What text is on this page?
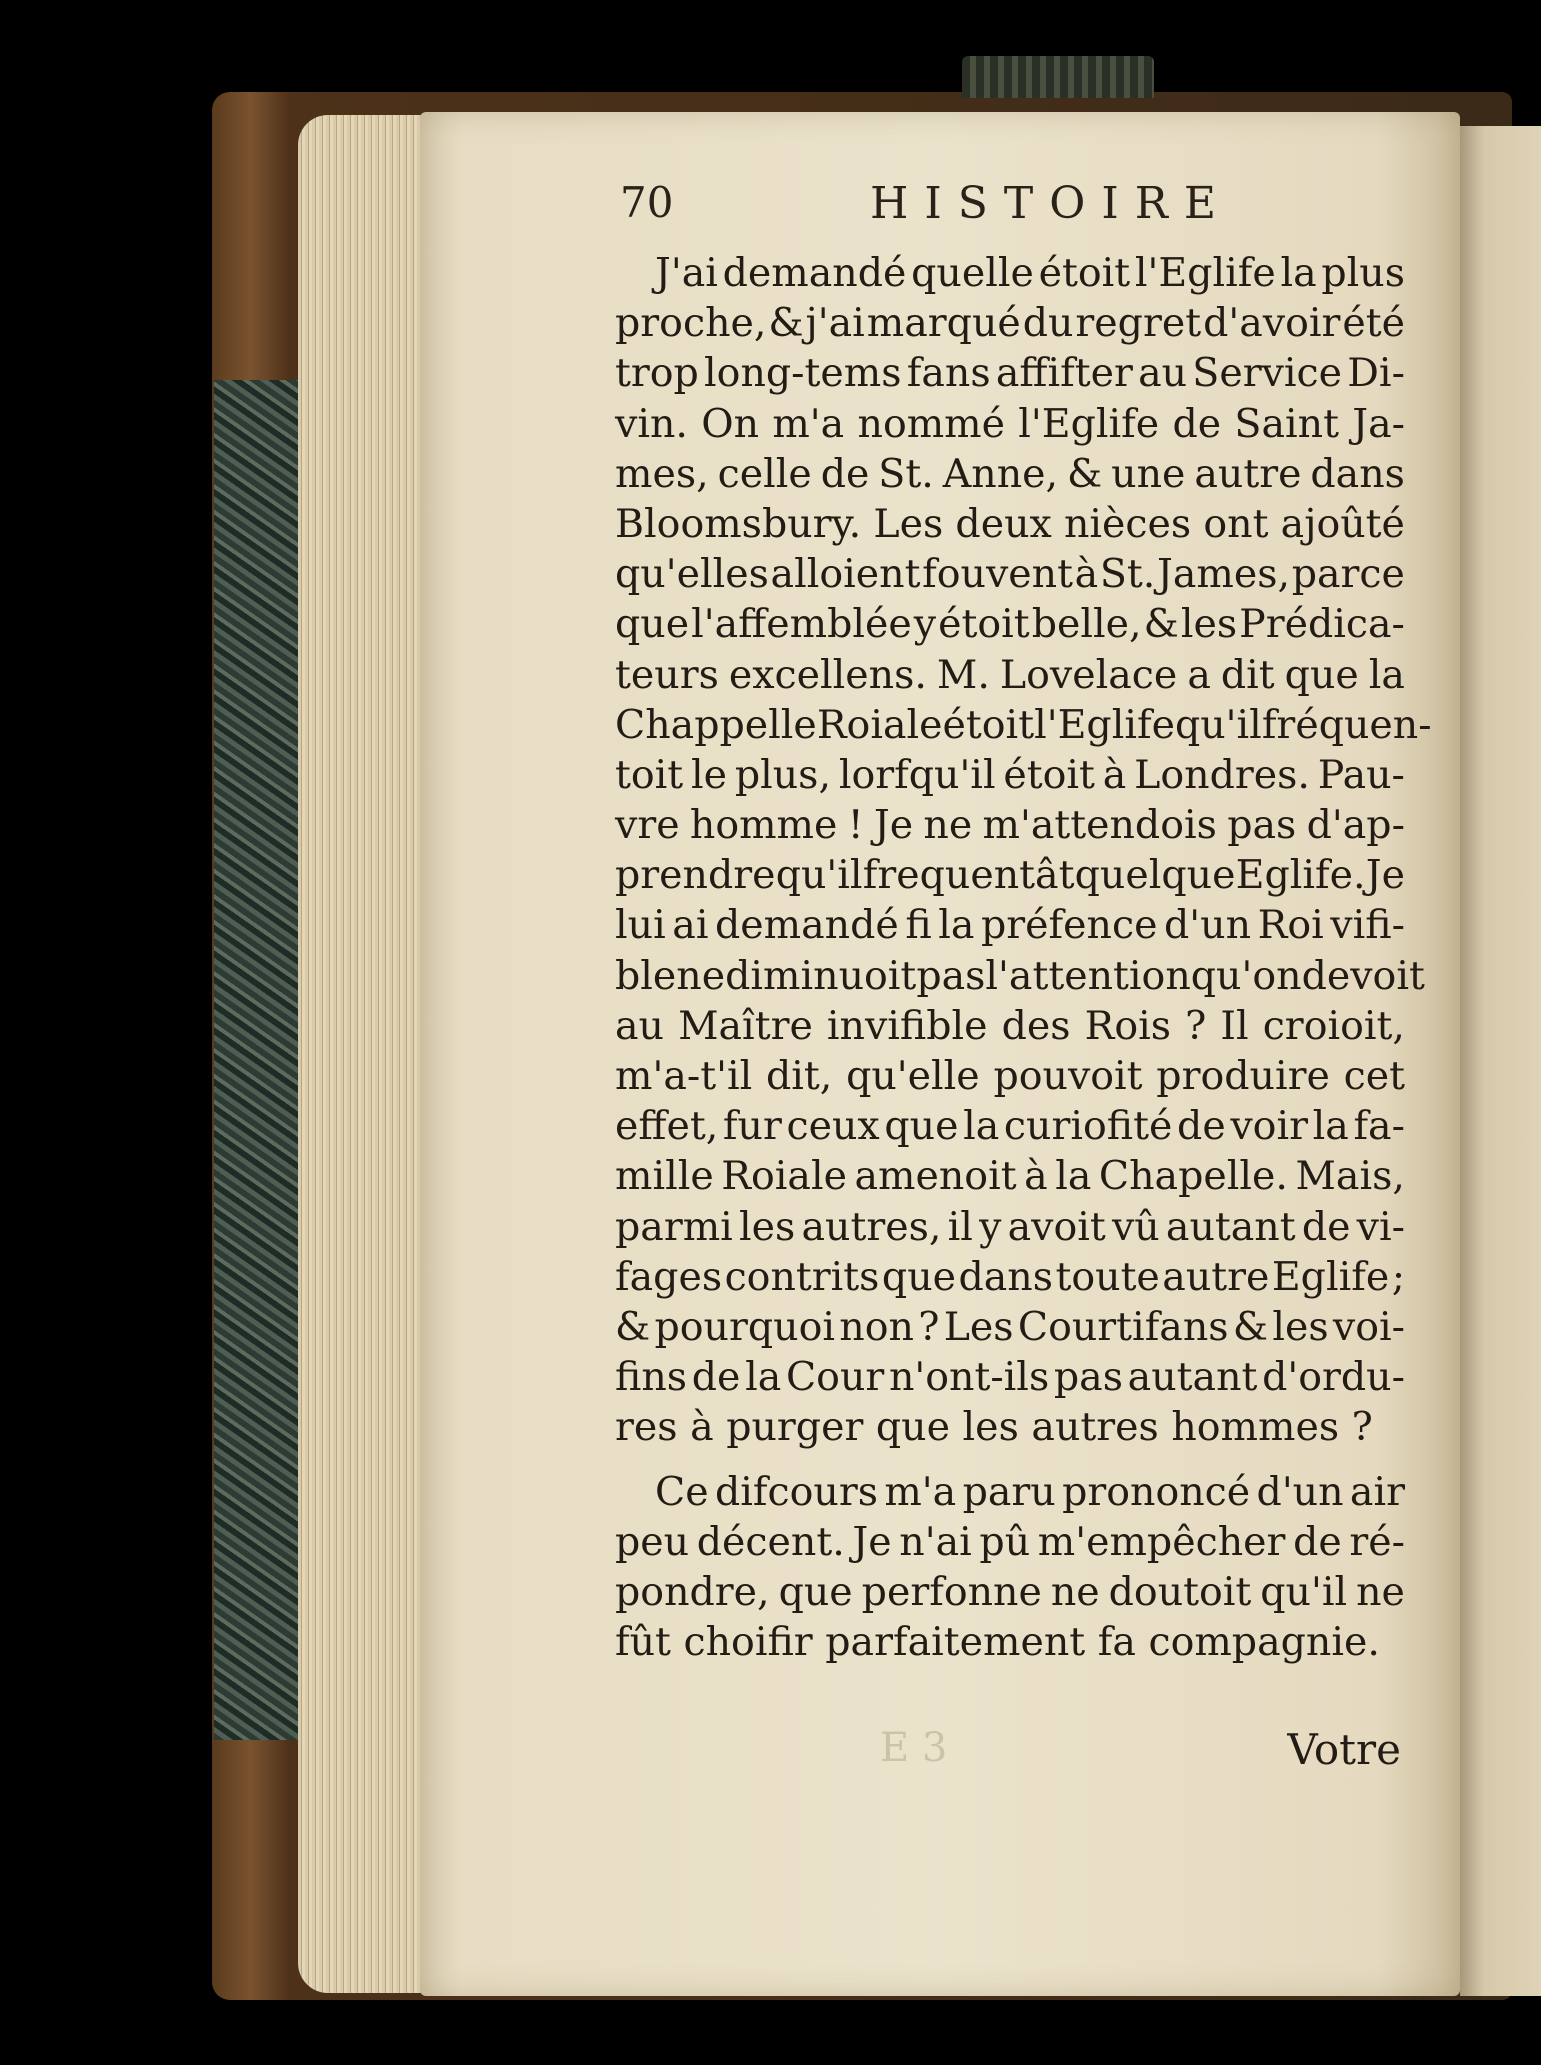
70	HISTOIRE
J'ai demandé quelle étoit l'Eglife la plus
proche, & j'ai marqué du regret d'avoir été
trop long-tems fans affifter au Service Di-
vin. On m'a nommé l'Eglife de Saint Ja-
mes, celle de St. Anne, & une autre dans
Bloomsbury. Les deux nièces ont ajoûté
qu'elles alloient fouvent à St. James, parce
que l'affemblée y étoit belle, & les Prédica-
teurs excellens. M. Lovelace a dit que la
Chappelle Roiale étoit l'Eglife qu'il fréquen-
toit le plus, lorfqu'il étoit à Londres. Pau-
vre homme ! Je ne m'attendois pas d'ap-
prendre qu'il frequentât quelque Eglife. Je
lui ai demandé fi la préfence d'un Roi vifi-
ble ne diminuoit pas l'attention qu'on devoit
au Maître invifible des Rois ? Il croioit,
m'a-t'il dit, qu'elle pouvoit produire cet
effet, fur ceux que la curiofité de voir la fa-
mille Roiale amenoit à la Chapelle. Mais,
parmi les autres, il y avoit vû autant de vi-
fages contrits que dans toute autre Eglife ;
& pourquoi non ? Les Courtifans & les voi-
fins de la Cour n'ont-ils pas autant d'ordu-
res à purger que les autres hommes ?
Ce difcours m'a paru prononcé d'un air
peu décent. Je n'ai pû m'empêcher de ré-
pondre, que perfonne ne doutoit qu'il ne
fût choifir parfaitement fa compagnie.
E 3	Votre
